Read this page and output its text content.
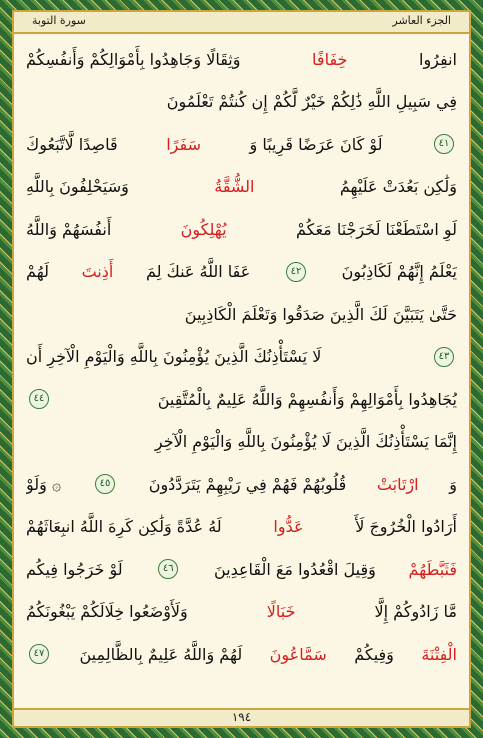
سورة التوبة	الجزء العاشر
انفِرُوا
خِفَافًا
وَثِقَالًا وَجَاهِدُوا بِأَمْوَالِكُمْ وَأَنفُسِكُمْ
فِي سَبِيلِ اللَّهِ ذَٰلِكُمْ خَيْرٌ لَّكُمْ إِن كُنتُمْ تَعْلَمُونَ
٤١
لَوْ كَانَ عَرَضًا قَرِيبًا وَ
سَفَرًا
قَاصِدًا لَّاتَّبَعُوكَ
وَلَٰكِن بَعُدَتْ عَلَيْهِمُ
الشُّقَّةُ
وَسَيَحْلِفُونَ بِاللَّهِ
لَوِ اسْتَطَعْنَا لَخَرَجْنَا مَعَكُمْ
يُهْلِكُونَ
أَنفُسَهُمْ وَاللَّهُ
يَعْلَمُ إِنَّهُمْ لَكَاذِبُونَ
٤٢
عَفَا اللَّهُ عَنكَ لِمَ
أَذِنتَ
لَهُمْ
حَتَّىٰ يَتَبَيَّنَ لَكَ الَّذِينَ صَدَقُوا وَتَعْلَمَ الْكَاذِبِينَ
٤٣
لَا يَسْتَأْذِنُكَ الَّذِينَ يُؤْمِنُونَ بِاللَّهِ وَالْيَوْمِ الْآخِرِ أَن
يُجَاهِدُوا بِأَمْوَالِهِمْ وَأَنفُسِهِمْ وَاللَّهُ عَلِيمٌ بِالْمُتَّقِينَ
٤٤
إِنَّمَا يَسْتَأْذِنُكَ الَّذِينَ لَا يُؤْمِنُونَ بِاللَّهِ وَالْيَوْمِ الْآخِرِ
وَ
ارْتَابَتْ
قُلُوبُهُمْ فَهُمْ فِي رَيْبِهِمْ يَتَرَدَّدُونَ
٤٥
۞ وَلَوْ
أَرَادُوا الْخُرُوجَ لَأَ
عَدُّوا
لَهُ عُدَّةً وَلَٰكِن كَرِهَ اللَّهُ انبِعَاثَهُمْ
فَثَبَّطَهُمْ
وَقِيلَ اقْعُدُوا مَعَ الْقَاعِدِينَ
٤٦
لَوْ خَرَجُوا فِيكُم
مَّا زَادُوكُمْ إِلَّا
خَبَالًا
وَلَأَوْضَعُوا خِلَالَكُمْ يَبْغُونَكُمُ
الْفِتْنَةَ
وَفِيكُمْ
سَمَّاعُونَ
لَهُمْ وَاللَّهُ عَلِيمٌ بِالظَّالِمِينَ
٤٧
١٩٤
